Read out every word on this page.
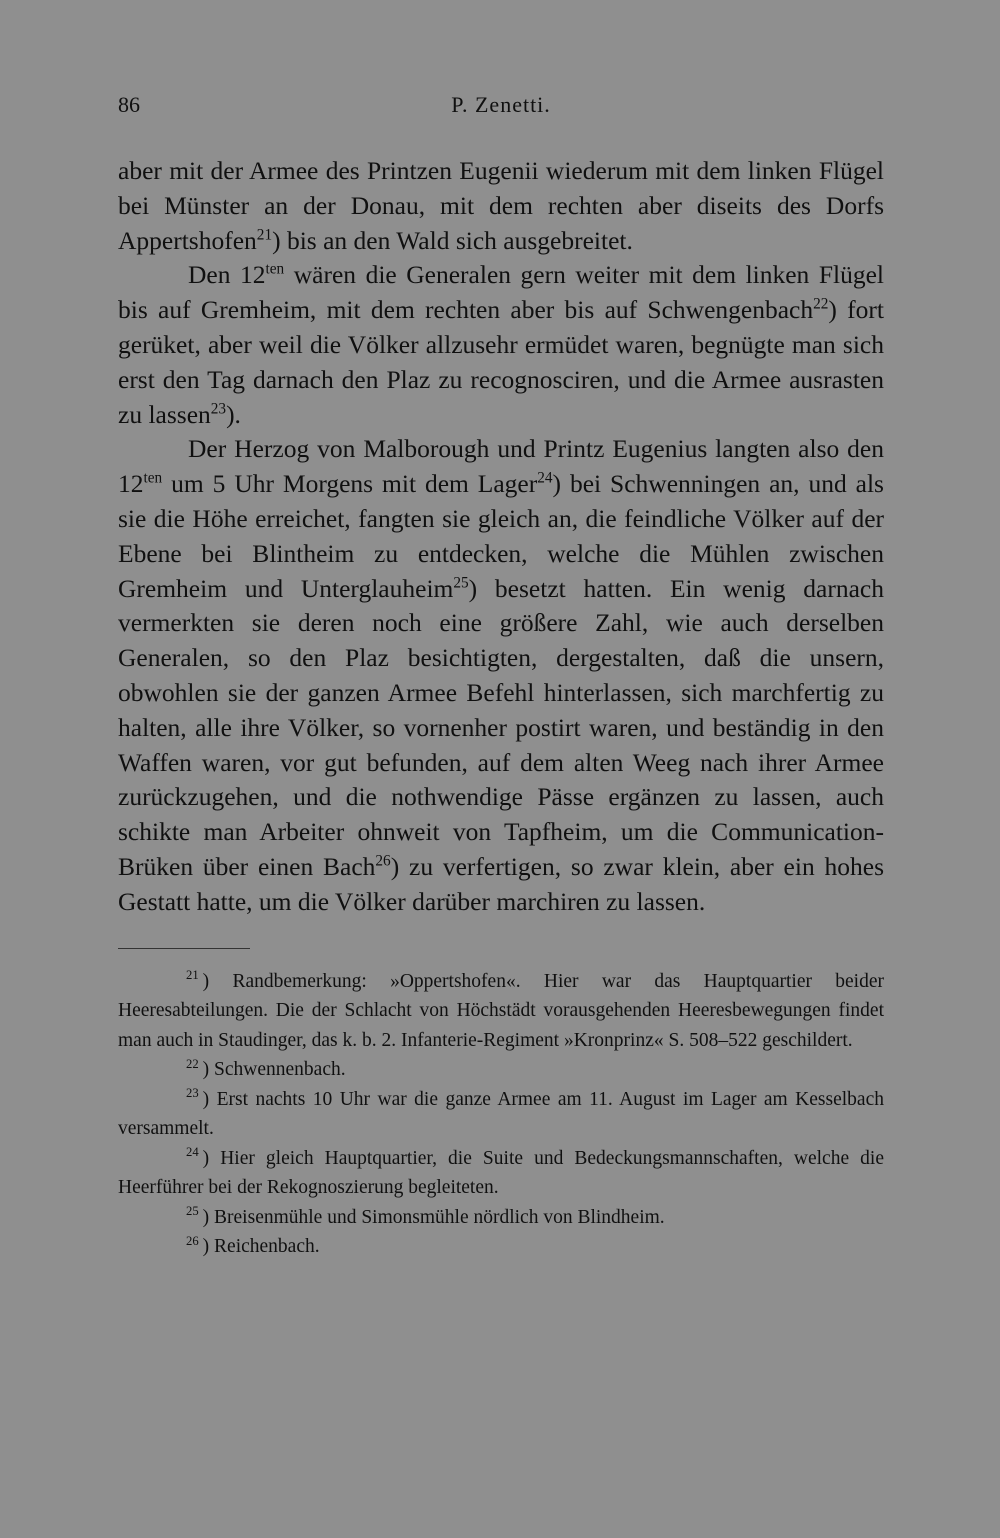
86	P. Zenetti.

aber mit der Armee des Printzen Eugenii wiederum mit dem linken Flügel bei Münster an der Donau, mit dem rechten aber diseits des Dorfs Appertshofen$^{21}$) bis an den Wald sich ausgebreitet.

Den $12^{ten}$ wären die Generalen gern weiter mit dem linken Flügel bis auf Gremheim, mit dem rechten aber bis auf Schwengenbach$^{22}$) fort gerüket, aber weil die Völker allzusehr ermüdet waren, begnügte man sich erst den Tag darnach den Plaz zu recognosciren, und die Armee ausrasten zu lassen$^{23}$).

Der Herzog von Malborough und Printz Eugenius langten also den $12^{ten}$ um 5 Uhr Morgens mit dem Lager$^{24}$) bei Schwenningen an, und als sie die Höhe erreichet, fangten sie gleich an, die feindliche Völker auf der Ebene bei Blintheim zu entdecken, welche die Mühlen zwischen Gremheim und Unterglauheim$^{25}$) besetzt hatten. Ein wenig darnach vermerkten sie deren noch eine größere Zahl, wie auch derselben Generalen, so den Plaz besichtigten, dergestalten, daß die unsern, obwohlen sie der ganzen Armee Befehl hinterlassen, sich marchfertig zu halten, alle ihre Völker, so vornenher postirt waren, und beständig in den Waffen waren, vor gut befunden, auf dem alten Weeg nach ihrer Armee zurückzugehen, und die nothwendige Pässe ergänzen zu lassen, auch schikte man Arbeiter ohnweit von Tapfheim, um die Communication-Brüken über einen Bach$^{26}$) zu verfertigen, so zwar klein, aber ein hohes Gestatt hatte, um die Völker darüber marchiren zu lassen.

$^{21}$ ) Randbemerkung: »Oppertshofen«. Hier war das Hauptquartier beider Heeresabteilungen. Die der Schlacht von Höchstädt vorausgehenden Heeresbewegungen findet man auch in Staudinger, das k. b. 2. Infanterie-Regiment »Kronprinz« S. 508–522 geschildert.

$^{22}$ ) Schwennenbach.

$^{23}$ ) Erst nachts 10 Uhr war die ganze Armee am 11. August im Lager am Kesselbach versammelt.

$^{24}$ ) Hier gleich Hauptquartier, die Suite und Bedeckungsmannschaften, welche die Heerführer bei der Rekognoszierung begleiteten.

$^{25}$ ) Breisenmühle und Simonsmühle nördlich von Blindheim.

$^{26}$ ) Reichenbach.
